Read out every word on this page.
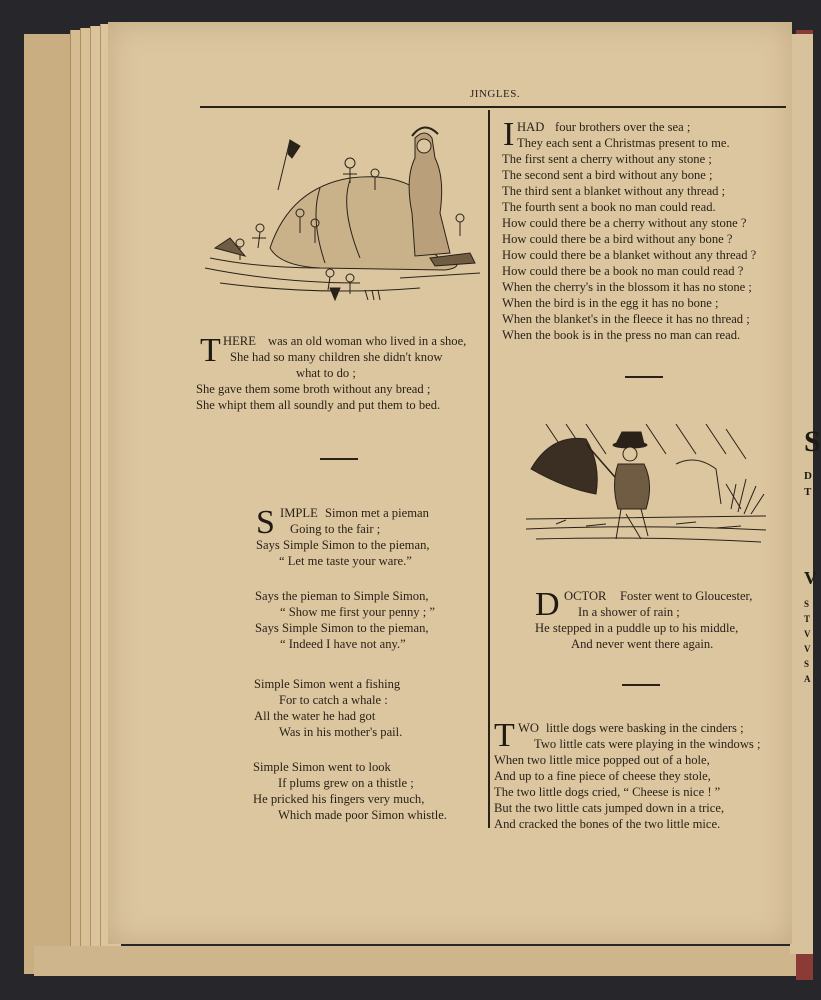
S
D
T
V
S
T
V
V
S
A
JINGLES.
T HERE was an old woman who lived in a shoe,
She had so many children she didn't know
what to do ;
She gave them some broth without any bread ;
She whipt them all soundly and put them to bed.
S IMPLE Simon met a pieman
Going to the fair ;
Says Simple Simon to the pieman,
“ Let me taste your ware.”
Says the pieman to Simple Simon,
“ Show me first your penny ; ”
Says Simple Simon to the pieman,
“ Indeed I have not any.”
Simple Simon went a fishing
For to catch a whale :
All the water he had got
Was in his mother's pail.
Simple Simon went to look
If plums grew on a thistle ;
He pricked his fingers very much,
Which made poor Simon whistle.
I HAD four brothers over the sea ;
They each sent a Christmas present to me.
The first sent a cherry without any stone ;
The second sent a bird without any bone ;
The third sent a blanket without any thread ;
The fourth sent a book no man could read.
How could there be a cherry without any stone ?
How could there be a bird without any bone ?
How could there be a blanket without any thread ?
How could there be a book no man could read ?
When the cherry's in the blossom it has no stone ;
When the bird is in the egg it has no bone ;
When the blanket's in the fleece it has no thread ;
When the book is in the press no man can read.
D OCTOR Foster went to Gloucester,
In a shower of rain ;
He stepped in a puddle up to his middle,
And never went there again.
T WO little dogs were basking in the cinders ;
Two little cats were playing in the windows ;
When two little mice popped out of a hole,
And up to a fine piece of cheese they stole,
The two little dogs cried, “ Cheese is nice ! ”
But the two little cats jumped down in a trice,
And cracked the bones of the two little mice.
